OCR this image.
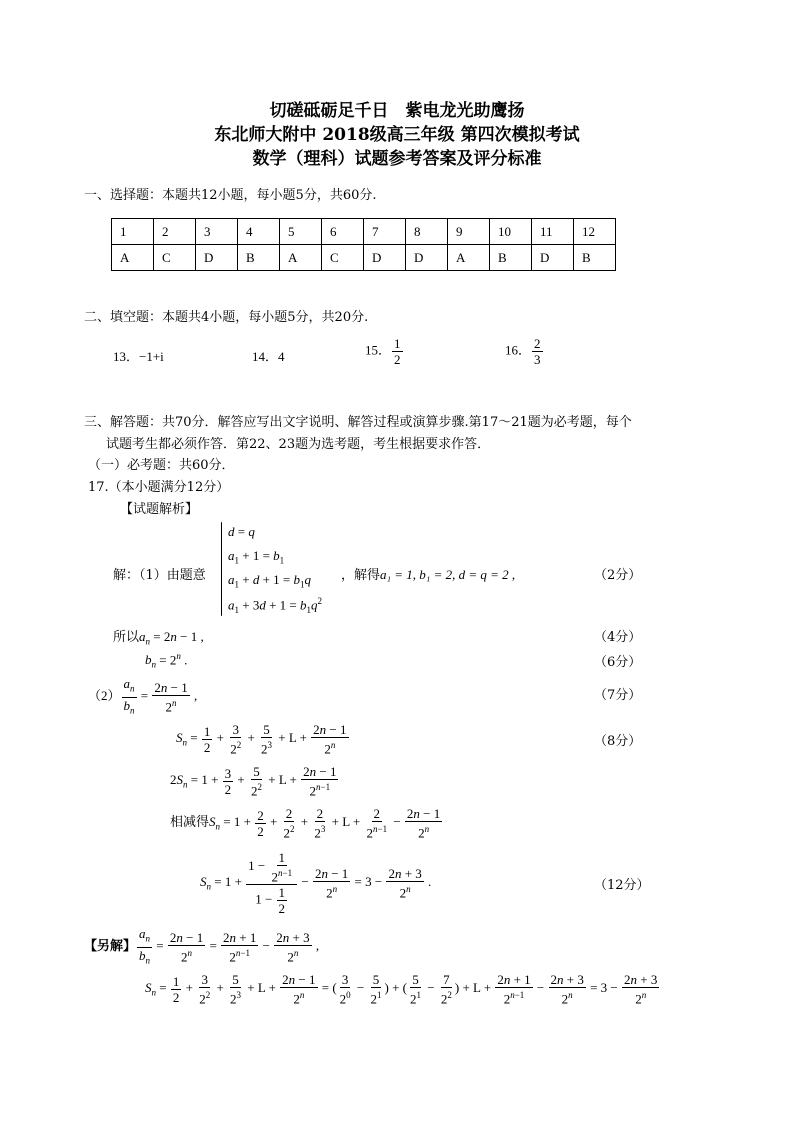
切磋砥砺足千日　紫电龙光助鹰扬
东北师大附中 2018级高三年级 第四次模拟考试
数学（理科）试题参考答案及评分标准
一、选择题：本题共12小题，每小题5分，共60分.
1	2	3	4	5	6	7	8	9	10	11	12
A	C	D	B	A	C	D	D	A	B	D	B
二、填空题：本题共4小题，每小题5分，共20分.
13．−1+i	14．4	15． $\frac{1}{2}$	16． $\frac{2}{3}$
三、解答题：共70分．解答应写出文字说明、解答过程或演算步骤.第17～21题为必考题，每个
试题考生都必须作答．第22、23题为选考题，考生根据要求作答．
（一）必考题：共60分．
17.（本小题满分12分）
【试题解析】
解：（1）由题意
d = q
$a_1 + 1 = b_1$
$a_1 + d + 1 = b_1q$
$a_1 + 3d + 1 = b_1q^2$
，解得a₁ = 1, b₁ = 2, d = q = 2 ,	（2分）
所以$a_n = 2n - 1$ ,	（4分）
$b_n = 2^n$ .	（6分）
$(2) \frac{a_n}{b_n} = \frac{2n - 1}{2^n}$ ,	（7分）
$S_n = \frac{1}{2} + \frac{3}{2^2} + \frac{5}{2^3} + L + \frac{2n - 1}{2^n}$	（8分）
$2S_n = 1 + \frac{3}{2} + \frac{5}{2^2} + L + \frac{2n - 1}{2^{n-1}}$
相减得$S_n = 1 + \frac{2}{2} + \frac{2}{2^2} + \frac{2}{2^3} + L + \frac{2}{2^{n-1}} - \frac{2n - 1}{2^n}$
$S_n = 1 + \frac{1 - \frac{1}{2^{n-1}}}{1 - \frac{1}{2}} - \frac{2n - 1}{2^n} = 3 - \frac{2n + 3}{2^n}$ .	（12分）
【另解】 $\frac{a_n}{b_n} = \frac{2n - 1}{2^n} = \frac{2n + 1}{2^{n-1}} - \frac{2n + 3}{2^n}$ ,
$S_n = \frac{1}{2} + \frac{3}{2^2} + \frac{5}{2^3} + L + \frac{2n - 1}{2^n}$ = ( $\frac{3}{2^0} - \frac{5}{2^1}$ ) + ( $\frac{5}{2^1} - \frac{7}{2^2}$ ) + $L + \frac{2n + 1}{2^{n-1}} - \frac{2n + 3}{2^n} = 3 - \frac{2n + 3}{2^n}$
